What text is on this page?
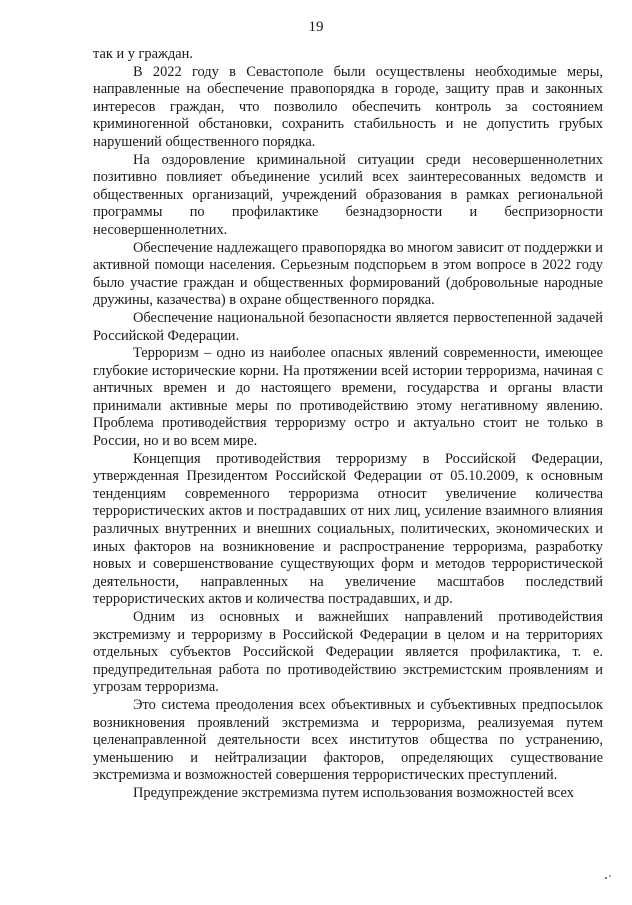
19

так и у граждан.

В 2022 году в Севастополе были осуществлены необходимые меры, направленные на обеспечение правопорядка в городе, защиту прав и законных интересов граждан, что позволило обеспечить контроль за состоянием криминогенной обстановки, сохранить стабильность и не допустить грубых нарушений общественного порядка.

На оздоровление криминальной ситуации среди несовершеннолетних позитивно повлияет объединение усилий всех заинтересованных ведомств и общественных организаций, учреждений образования в рамках региональной программы по профилактике безнадзорности и беспризорности несовершеннолетних.

Обеспечение надлежащего правопорядка во многом зависит от поддержки и активной помощи населения. Серьезным подспорьем в этом вопросе в 2022 году было участие граждан и общественных формирований (добровольные народные дружины, казачества) в охране общественного порядка.

Обеспечение национальной безопасности является первостепенной задачей Российской Федерации.

Терроризм – одно из наиболее опасных явлений современности, имеющее глубокие исторические корни. На протяжении всей истории терроризма, начиная с античных времен и до настоящего времени, государства и органы власти принимали активные меры по противодействию этому негативному явлению. Проблема противодействия терроризму остро и актуально стоит не только в России, но и во всем мире.

Концепция противодействия терроризму в Российской Федерации, утвержденная Президентом Российской Федерации от 05.10.2009, к основным тенденциям современного терроризма относит увеличение количества террористических актов и пострадавших от них лиц, усиление взаимного влияния различных внутренних и внешних социальных, политических, экономических и иных факторов на возникновение и распространение терроризма, разработку новых и совершенствование существующих форм и методов террористической деятельности, направленных на увеличение масштабов последствий террористических актов и количества пострадавших, и др.

Одним из основных и важнейших направлений противодействия экстремизму и терроризму в Российской Федерации в целом и на территориях отдельных субъектов Российской Федерации является профилактика, т. е. предупредительная работа по противодействию экстремистским проявлениям и угрозам терроризма.

Это система преодоления всех объективных и субъективных предпосылок возникновения проявлений экстремизма и терроризма, реализуемая путем целенаправленной деятельности всех институтов общества по устранению, уменьшению и нейтрализации факторов, определяющих существование экстремизма и возможностей совершения террористических преступлений.

Предупреждение экстремизма путем использования возможностей всех
